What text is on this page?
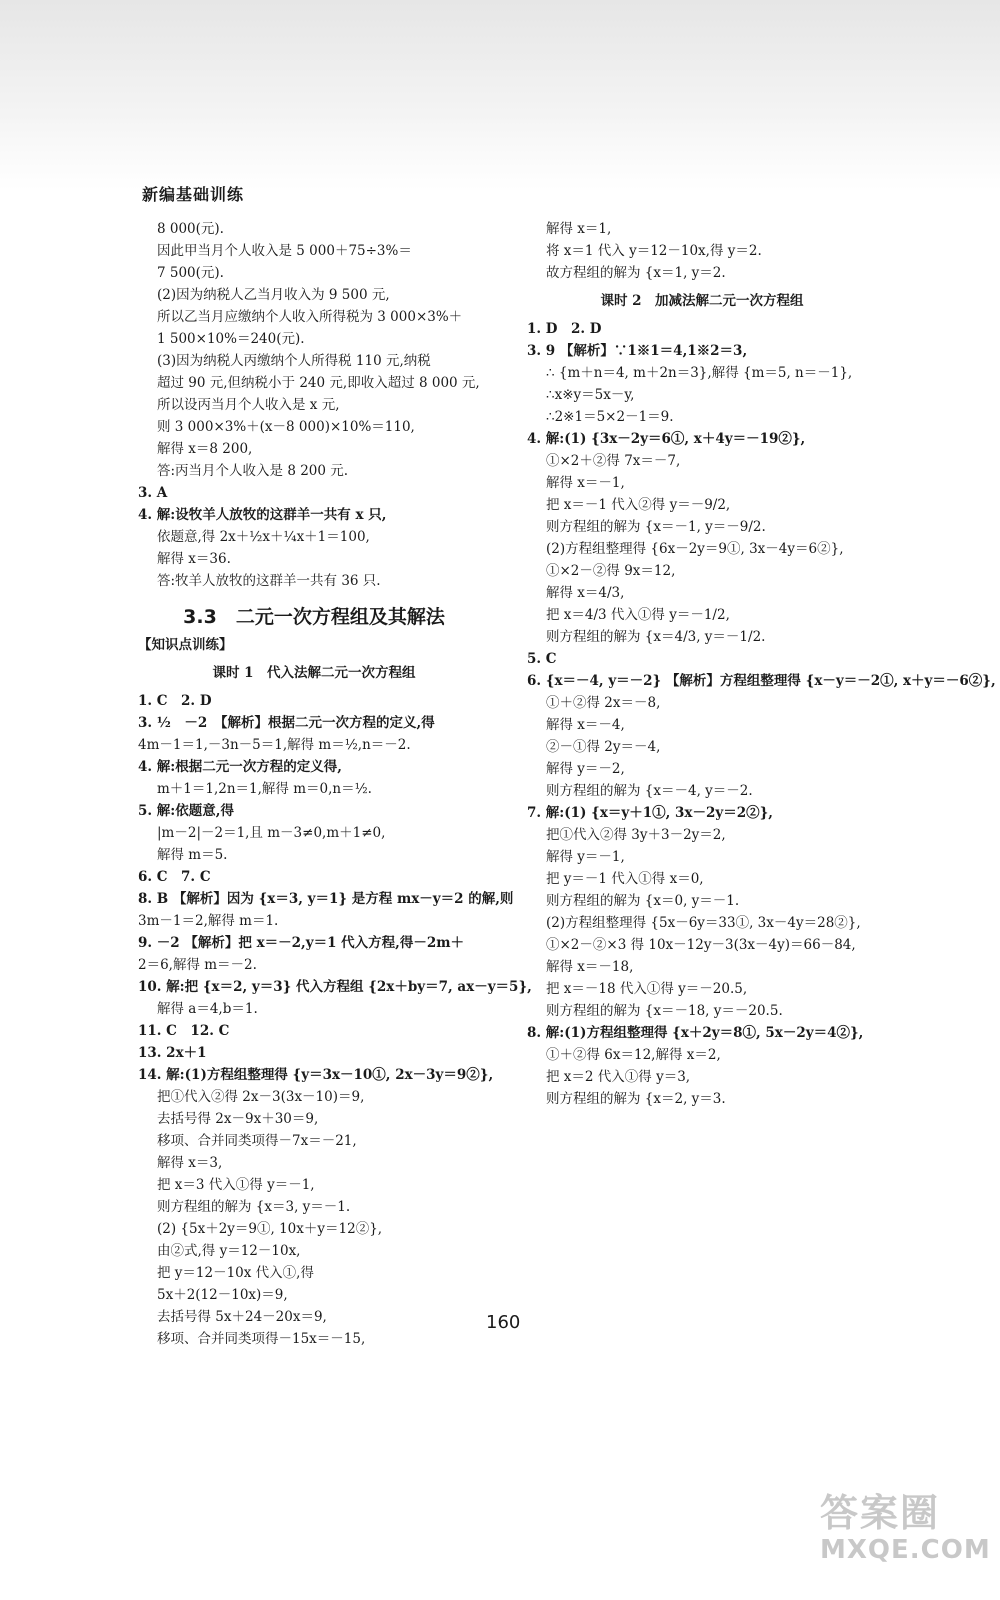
新编基础训练
8 000(元).
因此甲当月个人收入是 5 000＋75÷3%＝
7 500(元).
(2)因为纳税人乙当月收入为 9 500 元,
所以乙当月应缴纳个人收入所得税为 3 000×3%＋
1 500×10%＝240(元).
(3)因为纳税人丙缴纳个人所得税 110 元,纳税
超过 90 元,但纳税小于 240 元,即收入超过 8 000 元,
所以设丙当月个人收入是 x 元,
则 3 000×3%＋(x－8 000)×10%＝110,
解得 x＝8 200,
答:丙当月个人收入是 8 200 元.
3. A
4. 解:设牧羊人放牧的这群羊一共有 x 只,
依题意,得 2x＋½x＋¼x＋1＝100,
解得 x＝36.
答:牧羊人放牧的这群羊一共有 36 只.
3.3　二元一次方程组及其解法
【知识点训练】
课时 1　代入法解二元一次方程组
1. C　2. D
3. ½　－2　【解析】根据二元一次方程的定义,得
4m－1＝1,－3n－5＝1,解得 m＝½,n＝－2.
4. 解:根据二元一次方程的定义得,
m＋1＝1,2n＝1,解得 m＝0,n＝½.
5. 解:依题意,得
|m－2|－2＝1,且 m－3≠0,m＋1≠0,
解得 m＝5.
6. C　7. C
8. B 【解析】因为 {x＝3, y＝1} 是方程 mx－y＝2 的解,则
3m－1＝2,解得 m＝1.
9. －2 【解析】把 x＝－2,y＝1 代入方程,得－2m＋
2＝6,解得 m＝－2.
10. 解:把 {x＝2, y＝3} 代入方程组 {2x＋by＝7, ax－y＝5},
解得 a＝4,b＝1.
11. C　12. C
13. 2x＋1
14. 解:(1)方程组整理得 {y＝3x－10①, 2x－3y＝9②},
把①代入②得 2x－3(3x－10)＝9,
去括号得 2x－9x＋30＝9,
移项、合并同类项得－7x＝－21,
解得 x＝3,
把 x＝3 代入①得 y＝－1,
则方程组的解为 {x＝3, y＝－1.
(2) {5x＋2y＝9①, 10x＋y＝12②},
由②式,得 y＝12－10x,
把 y＝12－10x 代入①,得
5x＋2(12－10x)＝9,
去括号得 5x＋24－20x＝9,
移项、合并同类项得－15x＝－15,
解得 x＝1,
将 x＝1 代入 y＝12－10x,得 y＝2.
故方程组的解为 {x＝1, y＝2.
课时 2　加减法解二元一次方程组
1. D　2. D
3. 9 【解析】∵1※1＝4,1※2＝3,
∴ {m＋n＝4, m＋2n＝3},解得 {m＝5, n＝－1},
∴x※y＝5x－y,
∴2※1＝5×2－1＝9.
4. 解:(1) {3x－2y＝6①, x＋4y＝－19②},
①×2＋②得 7x＝－7,
解得 x＝－1,
把 x＝－1 代入②得 y＝－9/2,
则方程组的解为 {x＝－1, y＝－9/2.
(2)方程组整理得 {6x－2y＝9①, 3x－4y＝6②},
①×2－②得 9x＝12,
解得 x＝4/3,
把 x＝4/3 代入①得 y＝－1/2,
则方程组的解为 {x＝4/3, y＝－1/2.
5. C
6. {x＝－4, y＝－2} 【解析】方程组整理得 {x－y＝－2①, x＋y＝－6②},
①＋②得 2x＝－8,
解得 x＝－4,
②－①得 2y＝－4,
解得 y＝－2,
则方程组的解为 {x＝－4, y＝－2.
7. 解:(1) {x＝y＋1①, 3x－2y＝2②},
把①代入②得 3y＋3－2y＝2,
解得 y＝－1,
把 y＝－1 代入①得 x＝0,
则方程组的解为 {x＝0, y＝－1.
(2)方程组整理得 {5x－6y＝33①, 3x－4y＝28②},
①×2－②×3 得 10x－12y－3(3x－4y)＝66－84,
解得 x＝－18,
把 x＝－18 代入①得 y＝－20.5,
则方程组的解为 {x＝－18, y＝－20.5.
8. 解:(1)方程组整理得 {x＋2y＝8①, 5x－2y＝4②},
①＋②得 6x＝12,解得 x＝2,
把 x＝2 代入①得 y＝3,
则方程组的解为 {x＝2, y＝3.
160
答案圈
MXQE.COM
